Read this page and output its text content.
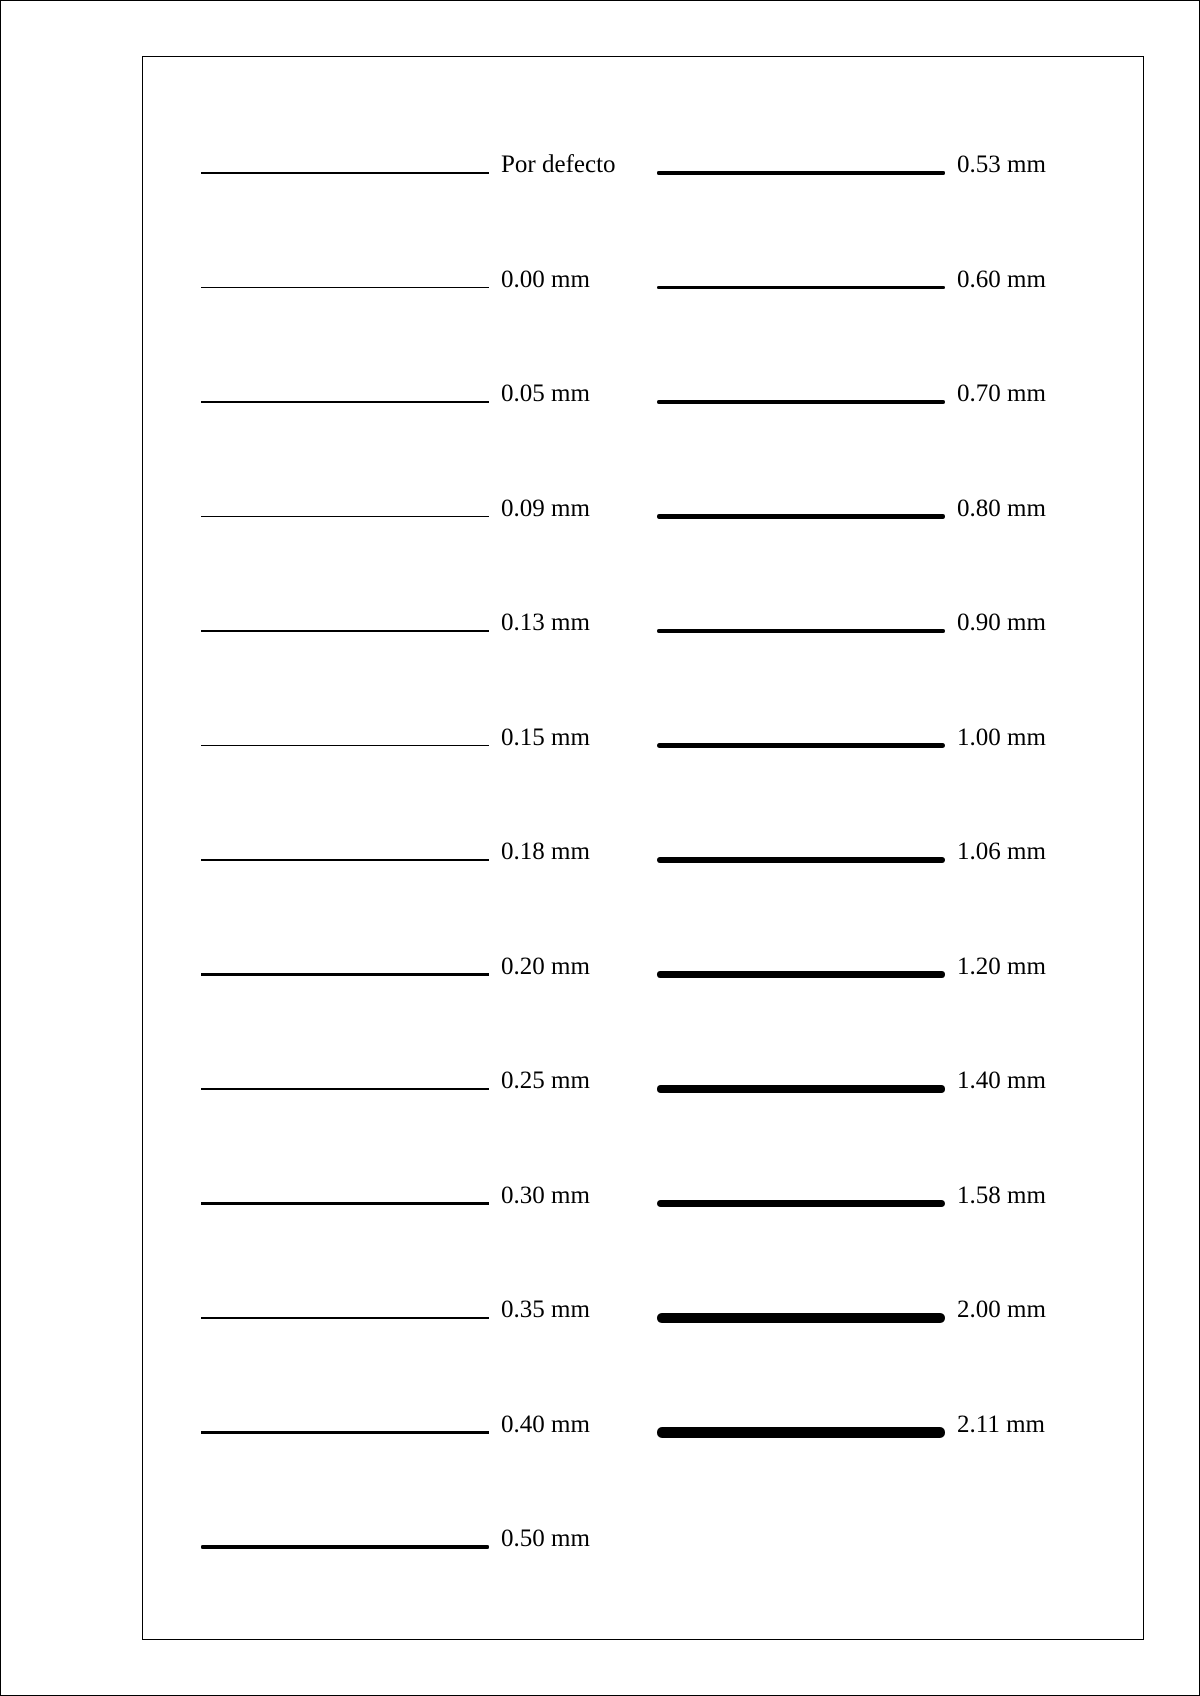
Por defecto
0.00 mm
0.05 mm
0.09 mm
0.13 mm
0.15 mm
0.18 mm
0.20 mm
0.25 mm
0.30 mm
0.35 mm
0.40 mm
0.50 mm
0.53 mm
0.60 mm
0.70 mm
0.80 mm
0.90 mm
1.00 mm
1.06 mm
1.20 mm
1.40 mm
1.58 mm
2.00 mm
2.11 mm
